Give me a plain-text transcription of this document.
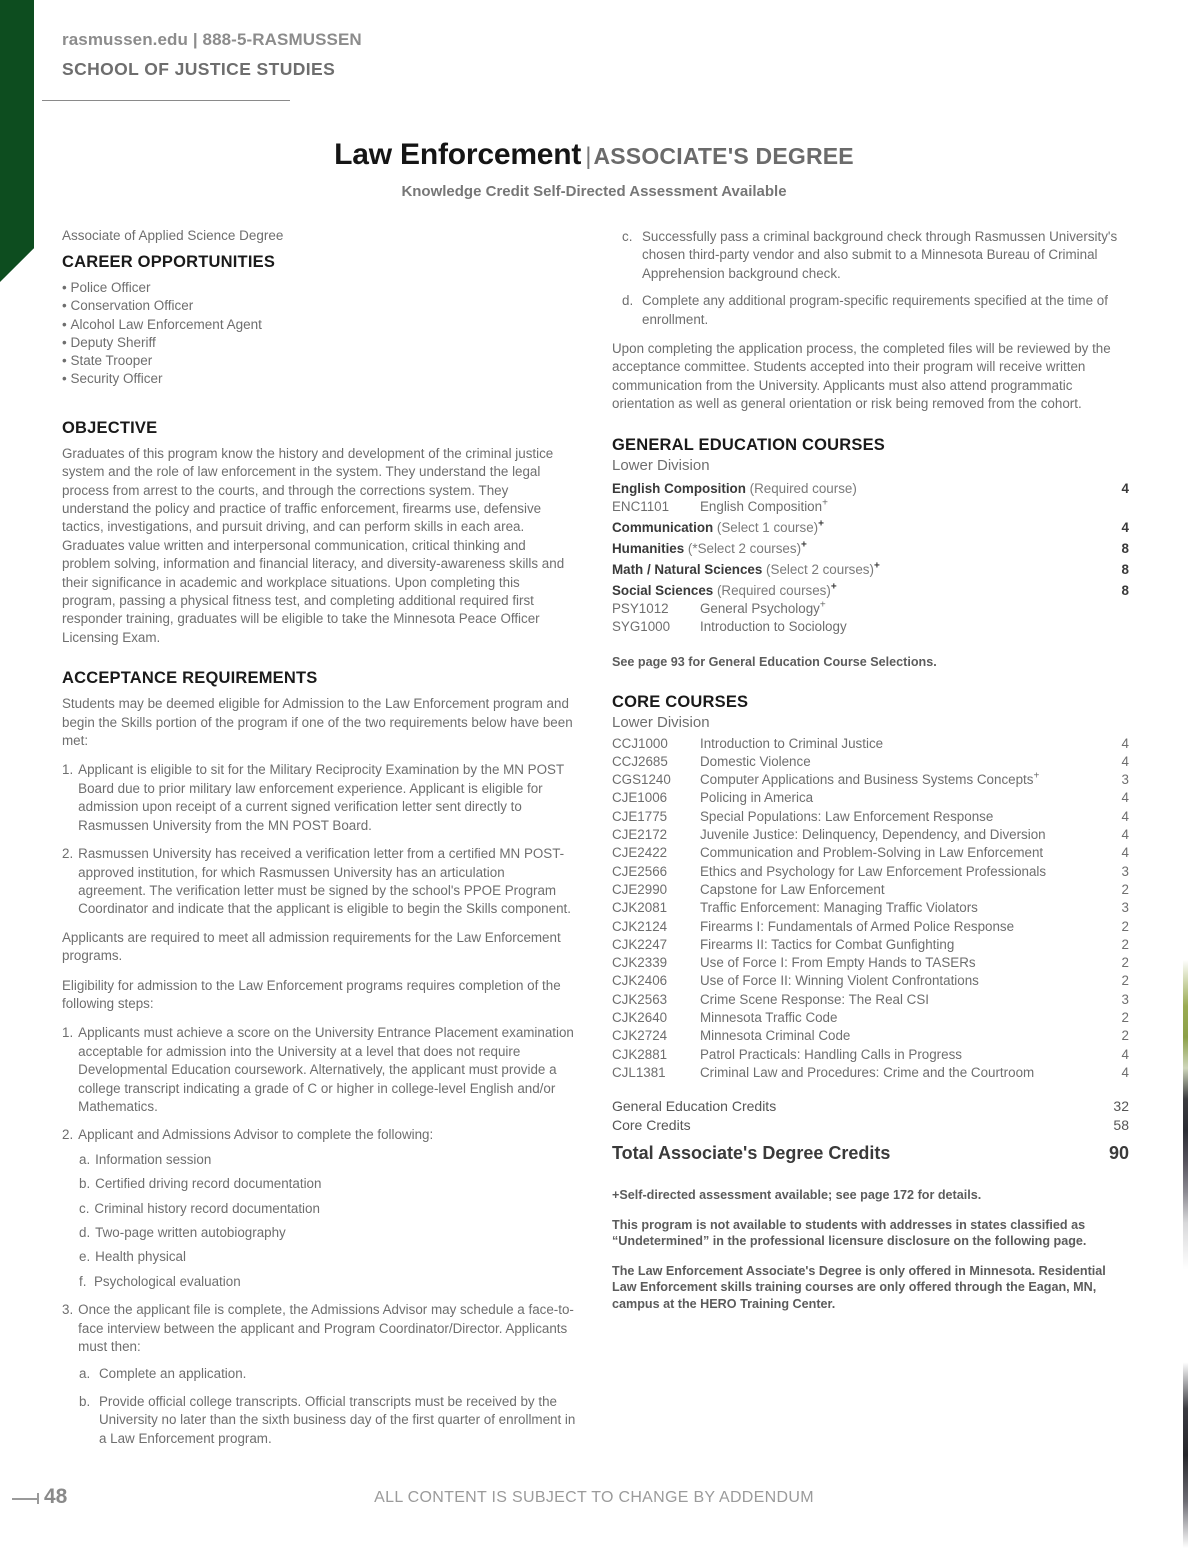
rasmussen.edu | 888-5-RASMUSSEN
SCHOOL OF JUSTICE STUDIES
Law Enforcement |ASSOCIATE'S DEGREE
Knowledge Credit Self-Directed Assessment Available
Associate of Applied Science Degree
CAREER OPPORTUNITIES
• Police Officer
• Conservation Officer
• Alcohol Law Enforcement Agent
• Deputy Sheriff
• State Trooper
• Security Officer
OBJECTIVE

Graduates of this program know the history and development of the criminal justice system and the role of law enforcement in the system. They understand the legal process from arrest to the courts, and through the corrections system. They understand the policy and practice of traffic enforcement, firearms use, defensive tactics, investigations, and pursuit driving, and can perform skills in each area. Graduates value written and interpersonal communication, critical thinking and problem solving, information and financial literacy, and diversity-awareness skills and their significance in academic and workplace situations. Upon completing this program, passing a physical fitness test, and completing additional required first responder training, graduates will be eligible to take the Minnesota Peace Officer Licensing Exam.

ACCEPTANCE REQUIREMENTS

Students may be deemed eligible for Admission to the Law Enforcement program and begin the Skills portion of the program if one of the two requirements below have been met:

1. Applicant is eligible to sit for the Military Reciprocity Examination by the MN POST Board due to prior military law enforcement experience. Applicant is eligible for admission upon receipt of a current signed verification letter sent directly to Rasmussen University from the MN POST Board.
2. Rasmussen University has received a verification letter from a certified MN POST-approved institution, for which Rasmussen University has an articulation agreement. The verification letter must be signed by the school's PPOE Program Coordinator and indicate that the applicant is eligible to begin the Skills component.

Applicants are required to meet all admission requirements for the Law Enforcement programs.

Eligibility for admission to the Law Enforcement programs requires completion of the following steps:

1. Applicants must achieve a score on the University Entrance Placement examination acceptable for admission into the University at a level that does not require Developmental Education coursework. Alternatively, the applicant must provide a college transcript indicating a grade of C or higher in college-level English and/or Mathematics.
2. Applicant and Admissions Advisor to complete the following:
a. Information session
b. Certified driving record documentation
c. Criminal history record documentation
d. Two-page written autobiography
e. Health physical
f. Psychological evaluation
3. Once the applicant file is complete, the Admissions Advisor may schedule a face-to-face interview between the applicant and Program Coordinator/Director. Applicants must then:
a. Complete an application.
b. Provide official college transcripts. Official transcripts must be received by the University no later than the sixth business day of the first quarter of enrollment in a Law Enforcement program.
c. Successfully pass a criminal background check through Rasmussen University's chosen third-party vendor and also submit to a Minnesota Bureau of Criminal Apprehension background check.
d. Complete any additional program-specific requirements specified at the time of enrollment.

Upon completing the application process, the completed files will be reviewed by the acceptance committee. Students accepted into their program will receive written communication from the University. Applicants must also attend programmatic orientation as well as general orientation or risk being removed from the cohort.

GENERAL EDUCATION COURSES
Lower Division
English Composition (Required course)		4
ENC1101	English Composition+	
Communication (Select 1 course)+		4
Humanities (*Select 2 courses)+		8
Math / Natural Sciences (Select 2 courses)+		8
Social Sciences (Required courses)+		8
PSY1012	General Psychology+	
SYG1000	Introduction to Sociology	
See page 93 for General Education Course Selections.
CORE COURSES
Lower Division
CCJ1000	Introduction to Criminal Justice	4
CCJ2685	Domestic Violence	4
CGS1240	Computer Applications and Business Systems Concepts+	3
CJE1006	Policing in America	4
CJE1775	Special Populations: Law Enforcement Response	4
CJE2172	Juvenile Justice: Delinquency, Dependency, and Diversion	4
CJE2422	Communication and Problem-Solving in Law Enforcement	4
CJE2566	Ethics and Psychology for Law Enforcement Professionals	3
CJE2990	Capstone for Law Enforcement	2
CJK2081	Traffic Enforcement: Managing Traffic Violators	3
CJK2124	Firearms I: Fundamentals of Armed Police Response	2
CJK2247	Firearms II: Tactics for Combat Gunfighting	2
CJK2339	Use of Force I: From Empty Hands to TASERs	2
CJK2406	Use of Force II: Winning Violent Confrontations	2
CJK2563	Crime Scene Response: The Real CSI	3
CJK2640	Minnesota Traffic Code	2
CJK2724	Minnesota Criminal Code	2
CJK2881	Patrol Practicals: Handling Calls in Progress	4
CJL1381	Criminal Law and Procedures: Crime and the Courtroom	4
General Education Credits	32
Core Credits	58
Total Associate's Degree Credits	90

+Self-directed assessment available; see page 172 for details.

This program is not available to students with addresses in states classified as “Undetermined” in the professional licensure disclosure on the following page.

The Law Enforcement Associate's Degree is only offered in Minnesota. Residential Law Enforcement skills training courses are only offered through the Eagan, MN, campus at the HERO Training Center.

48	ALL CONTENT IS SUBJECT TO CHANGE BY ADDENDUM
